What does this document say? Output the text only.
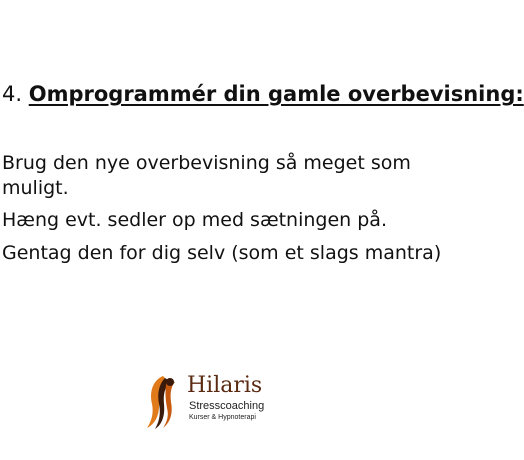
4. Omprogrammér din gamle overbevisning:
Brug den nye overbevisning så meget som muligt.
Hæng evt. sedler op med sætningen på.
Gentag den for dig selv (som et slags mantra)
Hilaris
Stresscoaching
Kurser & Hypnoterapi
